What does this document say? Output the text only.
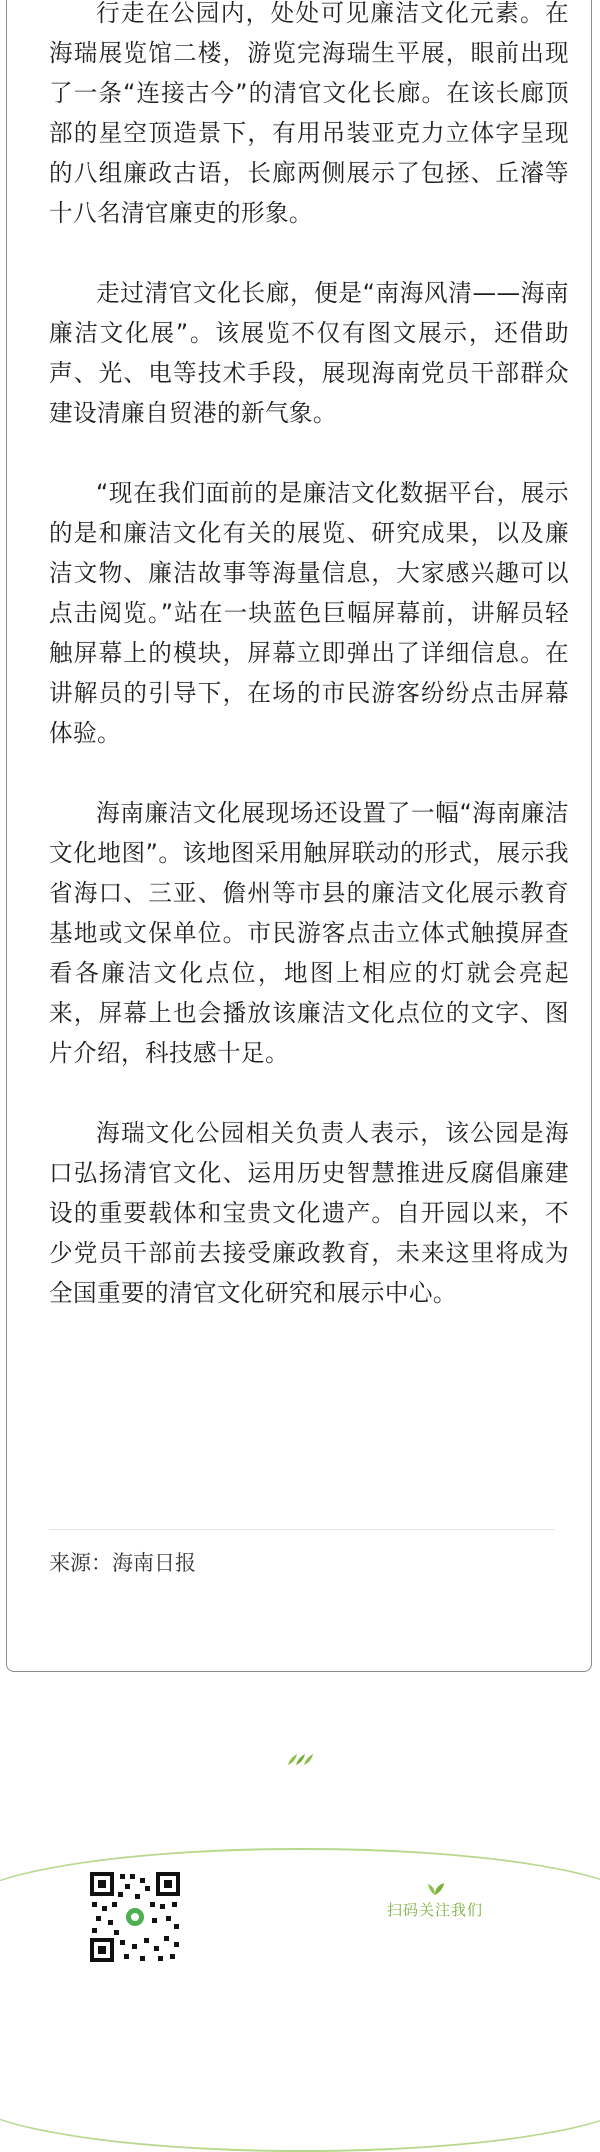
行走在公园内，处处可见廉洁文化元素。在海瑞展览馆二楼，游览完海瑞生平展，眼前出现了一条“连接古今”的清官文化长廊。在该长廊顶部的星空顶造景下，有用吊装亚克力立体字呈现的八组廉政古语，长廊两侧展示了包拯、丘濬等十八名清官廉吏的形象。

走过清官文化长廊，便是“南海风清——海南廉洁文化展”。该展览不仅有图文展示，还借助声、光、电等技术手段，展现海南党员干部群众建设清廉自贸港的新气象。

“现在我们面前的是廉洁文化数据平台，展示的是和廉洁文化有关的展览、研究成果，以及廉洁文物、廉洁故事等海量信息，大家感兴趣可以点击阅览。”站在一块蓝色巨幅屏幕前，讲解员轻触屏幕上的模块，屏幕立即弹出了详细信息。在讲解员的引导下，在场的市民游客纷纷点击屏幕体验。

海南廉洁文化展现场还设置了一幅“海南廉洁文化地图”。该地图采用触屏联动的形式，展示我省海口、三亚、儋州等市县的廉洁文化展示教育基地或文保单位。市民游客点击立体式触摸屏查看各廉洁文化点位，地图上相应的灯就会亮起来，屏幕上也会播放该廉洁文化点位的文字、图片介绍，科技感十足。

海瑞文化公园相关负责人表示，该公园是海口弘扬清官文化、运用历史智慧推进反腐倡廉建设的重要载体和宝贵文化遗产。自开园以来，不少党员干部前去接受廉政教育，未来这里将成为全国重要的清官文化研究和展示中心。

来源：海南日报
扫码关注我们
